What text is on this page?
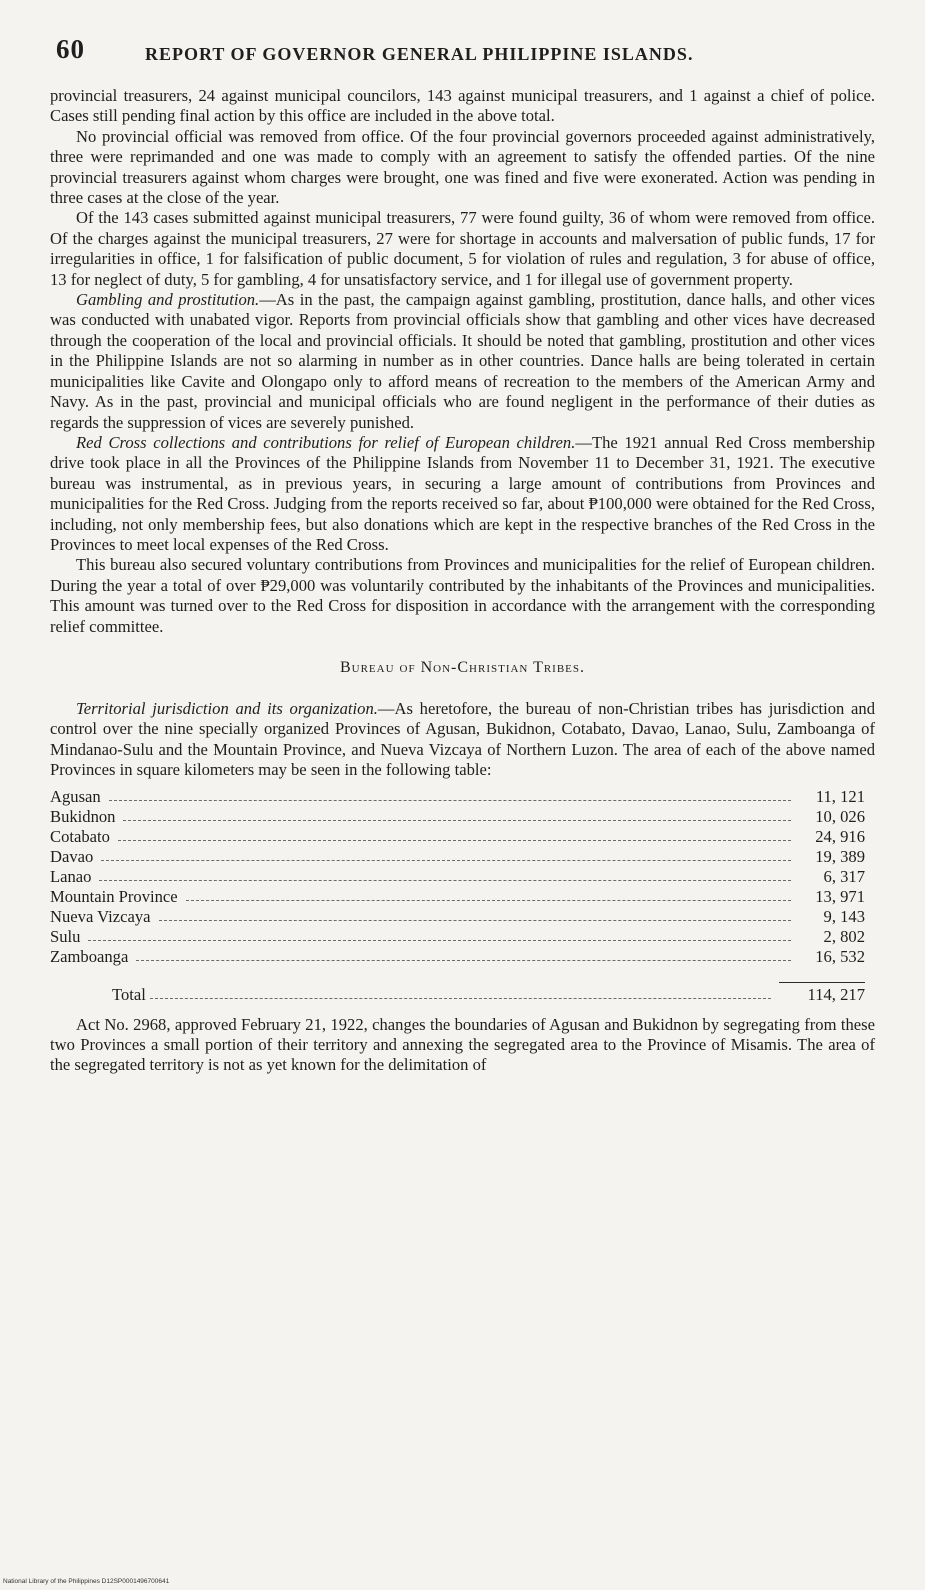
60	REPORT OF GOVERNOR GENERAL PHILIPPINE ISLANDS.

provincial treasurers, 24 against municipal councilors, 143 against municipal treasurers, and 1 against a chief of police. Cases still pending final action by this office are included in the above total.

No provincial official was removed from office. Of the four provincial governors proceeded against administratively, three were reprimanded and one was made to comply with an agreement to satisfy the offended parties. Of the nine provincial treasurers against whom charges were brought, one was fined and five were exonerated. Action was pending in three cases at the close of the year.

Of the 143 cases submitted against municipal treasurers, 77 were found guilty, 36 of whom were removed from office. Of the charges against the municipal treasurers, 27 were for shortage in accounts and malversation of public funds, 17 for irregularities in office, 1 for falsification of public document, 5 for violation of rules and regulation, 3 for abuse of office, 13 for neglect of duty, 5 for gambling, 4 for unsatisfactory service, and 1 for illegal use of government property.

Gambling and prostitution.—As in the past, the campaign against gambling, prostitution, dance halls, and other vices was conducted with unabated vigor. Reports from provincial officials show that gambling and other vices have decreased through the cooperation of the local and provincial officials. It should be noted that gambling, prostitution and other vices in the Philippine Islands are not so alarming in number as in other countries. Dance halls are being tolerated in certain municipalities like Cavite and Olongapo only to afford means of recreation to the members of the American Army and Navy. As in the past, provincial and municipal officials who are found negligent in the performance of their duties as regards the suppression of vices are severely punished.

Red Cross collections and contributions for relief of European children.—The 1921 annual Red Cross membership drive took place in all the Provinces of the Philippine Islands from November 11 to December 31, 1921. The executive bureau was instrumental, as in previous years, in securing a large amount of contributions from Provinces and municipalities for the Red Cross. Judging from the reports received so far, about ₱100,000 were obtained for the Red Cross, including, not only membership fees, but also donations which are kept in the respective branches of the Red Cross in the Provinces to meet local expenses of the Red Cross.

This bureau also secured voluntary contributions from Provinces and municipalities for the relief of European children. During the year a total of over ₱29,000 was voluntarily contributed by the inhabitants of the Provinces and municipalities. This amount was turned over to the Red Cross for disposition in accordance with the arrangement with the corresponding relief committee.

Bureau of Non-Christian Tribes.

Territorial jurisdiction and its organization.—As heretofore, the bureau of non-Christian tribes has jurisdiction and control over the nine specially organized Provinces of Agusan, Bukidnon, Cotabato, Davao, Lanao, Sulu, Zamboanga of Mindanao-Sulu and the Mountain Province, and Nueva Vizcaya of Northern Luzon. The area of each of the above named Provinces in square kilometers may be seen in the following table:

Agusan	11, 121
Bukidnon	10, 026
Cotabato	24, 916
Davao	19, 389
Lanao	6, 317
Mountain Province	13, 971
Nueva Vizcaya	9, 143
Sulu	2, 802
Zamboanga	16, 532
Total	114, 217

Act No. 2968, approved February 21, 1922, changes the boundaries of Agusan and Bukidnon by segregating from these two Provinces a small portion of their territory and annexing the segregated area to the Province of Misamis. The area of the segregated territory is not as yet known for the delimitation of

National Library of the Philippines D12SP0001496700641
